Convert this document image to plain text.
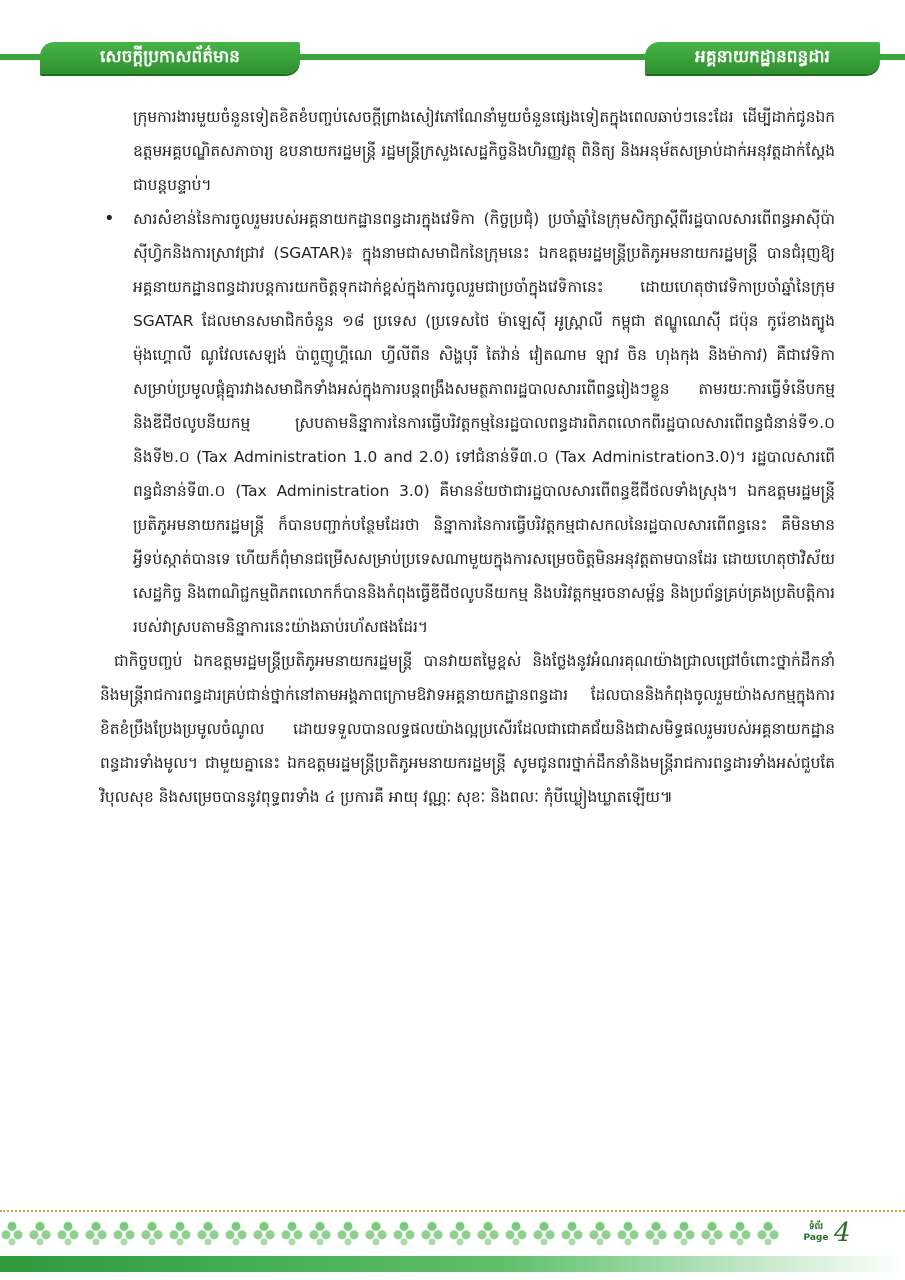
សេចក្តីប្រកាសព័ត៌មាន	អគ្គនាយកដ្ឋានពន្ធដារ

ក្រុមការងារមួយចំនួនទៀតខិតខំបញ្ចប់សេចក្តីព្រាងសៀវភៅណែនាំមួយចំនួនផ្សេងទៀតក្នុងពេលឆាប់ៗនេះដែរ ដើម្បីដាក់ជូនឯកឧត្តមអគ្គបណ្ឌិតសភាចារ្យ ឧបនាយករដ្ឋមន្ត្រី រដ្ឋមន្ត្រីក្រសួងសេដ្ឋកិច្ចនិងហិរញ្ញវត្ថុ ពិនិត្យ និងអនុម័តសម្រាប់ដាក់អនុវត្តដាក់ស្តែងជាបន្តបន្ទាប់។

• សារសំខាន់នៃការចូលរួមរបស់អគ្គនាយកដ្ឋានពន្ធដារក្នុងវេទិកា (កិច្ចប្រជុំ) ប្រចាំឆ្នាំនៃក្រុមសិក្សាស្តីពីរដ្ឋបាលសារពើពន្ធអាស៊ីប៉ាស៊ីហ្វិកនិងការស្រាវជ្រាវ (SGATAR)៖ ក្នុងនាមជាសមាជិកនៃក្រុមនេះ ឯកឧត្តមរដ្ឋមន្ត្រីប្រតិភូអមនាយករដ្ឋមន្ត្រី បានជំរុញឱ្យអគ្គនាយកដ្ឋានពន្ធដារបន្តការយកចិត្តទុកដាក់ខ្ពស់ក្នុងការចូលរួមជាប្រចាំក្នុងវេទិកានេះ ដោយហេតុថាវេទិកាប្រចាំឆ្នាំនៃក្រុម SGATAR ដែលមានសមាជិកចំនួន ១៨ ប្រទេស (ប្រទេសថៃ ម៉ាឡេស៊ី អូស្ត្រាលី កម្ពុជា ឥណ្ឌូណេស៊ី ជប៉ុន កូរ៉េខាងត្បូង ម៉ុងហ្គោលី ណូវែលសេឡង់ ប៉ាពួញូហ្គីណេ ហ្វីលីពីន សិង្ហបុរី តៃវ៉ាន់ វៀតណាម ឡាវ ចិន ហុងកុង និងម៉ាកាវ) គឺជាវេទិកាសម្រាប់ប្រមូលផ្តុំគ្នារវាងសមាជិកទាំងអស់ក្នុងការបន្តពង្រឹងសមត្ថភាពរដ្ឋបាលសារពើពន្ធរៀងៗខ្លួន តាមរយៈការធ្វើទំនើបកម្ម និងឌីជីថលូបនីយកម្ម ស្របតាមនិន្នាការនៃការធ្វើបរិវត្តកម្មនៃរដ្ឋបាលពន្ធដារពិភពលោកពីរដ្ឋបាលសារពើពន្ធជំនាន់ទី១.០ និងទី២.០ (Tax Administration 1.0 and 2.0) ទៅជំនាន់ទី៣.០ (Tax Administration3.0)។ រដ្ឋបាលសារពើពន្ធជំនាន់ទី៣.០ (Tax Administration 3.0) គឺមានន័យថាជារដ្ឋបាលសារពើពន្ធឌីជីថលទាំងស្រុង។ ឯកឧត្តមរដ្ឋមន្ត្រីប្រតិភូអមនាយករដ្ឋមន្ត្រី ក៏បានបញ្ជាក់បន្ថែមដែរថា និន្នាការនៃការធ្វើបរិវត្តកម្មជាសកលនៃរដ្ឋបាលសារពើពន្ធនេះ គឺមិនមានអ្វីទប់ស្កាត់បានទេ ហើយក៏ពុំមានជម្រើសសម្រាប់ប្រទេសណាមួយក្នុងការសម្រេចចិត្តមិនអនុវត្តតាមបានដែរ ដោយហេតុថាវិស័យសេដ្ឋកិច្ច និងពាណិជ្ជកម្មពិភពលោកក៏បាននិងកំពុងធ្វើឌីជីថលូបនីយកម្ម និងបរិវត្តកម្មរចនាសម្ព័ន្ធ និងប្រព័ន្ធគ្រប់គ្រងប្រតិបត្តិការរបស់វាស្របតាមនិន្នាការនេះយ៉ាងឆាប់រហ័សផងដែរ។

ជាកិច្ចបញ្ចប់ ឯកឧត្តមរដ្ឋមន្ត្រីប្រតិភូអមនាយករដ្ឋមន្ត្រី បានវាយតម្លៃខ្ពស់ និងថ្លែងនូវអំណរគុណយ៉ាងជ្រាលជ្រៅចំពោះថ្នាក់ដឹកនាំ និងមន្ត្រីរាជការពន្ធដារគ្រប់ជាន់ថ្នាក់នៅតាមអង្គភាពក្រោមឱវាទអគ្គនាយកដ្ឋានពន្ធដារ ដែលបាននិងកំពុងចូលរួមយ៉ាងសកម្មក្នុងការខិតខំប្រឹងប្រែងប្រមូលចំណូល ដោយទទួលបានលទ្ធផលយ៉ាងល្អប្រសើរដែលជាជោគជ័យនិងជាសមិទ្ធផលរួមរបស់អគ្គនាយកដ្ឋានពន្ធដារទាំងមូល។ ជាមួយគ្នានេះ ឯកឧត្តមរដ្ឋមន្ត្រីប្រតិភូអមនាយករដ្ឋមន្ត្រី សូមជូនពរថ្នាក់ដឹកនាំនិងមន្ត្រីរាជការពន្ធដារទាំងអស់ជួបតែវិបុលសុខ និងសម្រេចបាននូវពុទ្ធពរទាំង ៤ ប្រការគឺ អាយុ វណ្ណៈ សុខៈ និងពលៈ កុំបីឃ្លៀងឃ្លាតឡើយ៕

ទំព័រ
Page 4
